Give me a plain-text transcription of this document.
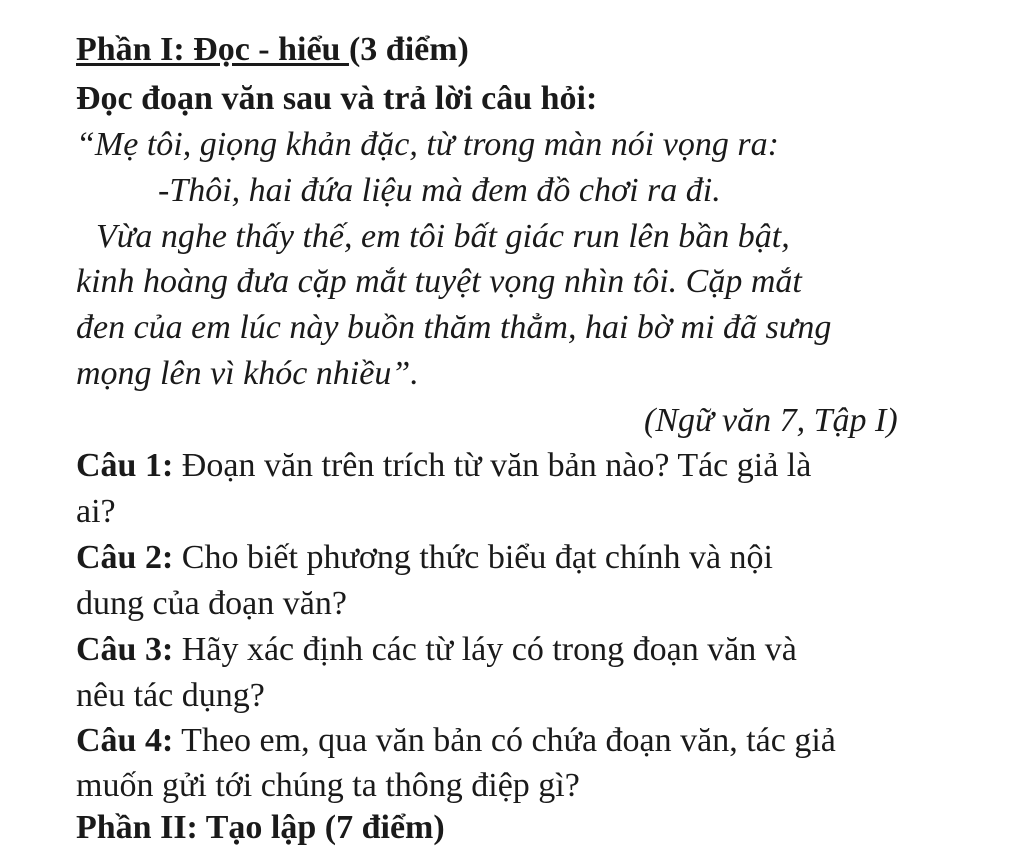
Phần I: Đọc - hiểu (3 điểm)
Đọc đoạn văn sau và trả lời câu hỏi:
“Mẹ tôi, giọng khản đặc, từ trong màn nói vọng ra:
-Thôi, hai đứa liệu mà đem đồ chơi ra đi.
Vừa nghe thấy thế, em tôi bất giác run lên bần bật,
kinh hoàng đưa cặp mắt tuyệt vọng nhìn tôi. Cặp mắt
đen của em lúc này buồn thăm thẳm, hai bờ mi đã sưng
mọng lên vì khóc nhiều”.
(Ngữ văn 7, Tập I)
Câu 1: Đoạn văn trên trích từ văn bản nào? Tác giả là
ai?
Câu 2: Cho biết phương thức biểu đạt chính và nội
dung của đoạn văn?
Câu 3: Hãy xác định các từ láy có trong đoạn văn và
nêu tác dụng?
Câu 4: Theo em, qua văn bản có chứa đoạn văn, tác giả
muốn gửi tới chúng ta thông điệp gì?
Phần II: Tạo lập (7 điểm)
